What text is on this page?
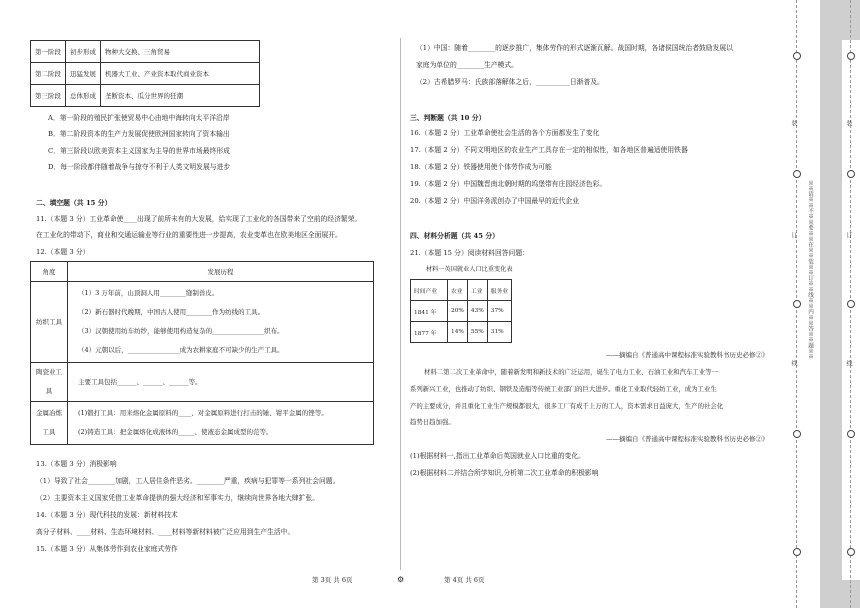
第一阶段	初步形成	物种大交换、三角贸易
第二阶段	迅猛发展	机器大工业、产业资本取代商业资本
第三阶段	总体形成	垄断资本、瓜分世界的狂潮
A．第一阶段的殖民扩张使贸易中心由地中海转向太平洋沿岸
B．第二阶段资本的生产力发展促使欧洲国家转向了资本输出
C．第三阶段以欧美资本主义国家为主导的世界市场最终形成
D．每一阶段都伴随着战争与掠夺不利于人类文明发展与进步
二、填空题（共 15 分）
11.（本题 3 分）工业革命使____出现了前所未有的大发展，给实现了工业化的各国带来了空前的经济繁荣。
在工业化的带动下，商业和交通运输业等行业的重要性进一步提高，农业变革也在欧美地区全面展开。
12.（本题 3 分）
角度	发展历程
纺织工具	（1）3 万年前，山顶洞人用________缝制兽皮。
（2）新石器时代晚期，中国古人使用________作为纺线的工具。
（3）汉朝使用纺车纺纱，能够使用构造复杂的________________织布。
（4）元朝以后，________________成为农耕家庭不可缺少的生产工具。

陶瓷业工具	主要工具包括______、______、______等。

金属冶炼工具	(1)锻打工具：用来熔化金属原料的____、对金属原料进行打击的锤、钳平金属的锉等。
(2)铸造工具：把金属熔化成液体的_____、使液态金属成型的范等。
13.（本题 3 分）消极影响
（1）导致了社会________加剧，工人居住条件恶劣。________严重，疾病与犯罪等一系列社会问题。
（2）主要资本主义国家凭借工业革命提供的强大经济和军事实力，继续向世界各地大肆扩张。
14.（本题 3 分）现代科技的发展：新材料技术
高分子材料、____材料、生态环境材料、____材料等新材料被广泛应用到生产生活中。
15.（本题 3 分）从集体劳作到农业家庭式劳作
第 3页 共 6页	⚙
（1）中国：随着________的逐步推广，集体劳作的形式逐渐瓦解。战国时期，各诸侯国统治者鼓励发展以
家庭为单位的________生产模式。
（2）古希腊罗马：氏族部落解体之后，__________日渐普及。
三、判断题（共 10 分）
16.（本题 2 分）工业革命使社会生活的各个方面都发生了变化
17.（本题 2 分）不同文明地区的农业生产工具存在一定的相似性，如各地区普遍适使用铁器
18.（本题 2 分）铁器使用使个体劳作成为可能
19.（本题 2 分）中国魏晋南北朝时期的坞堡带有庄园经济色彩。
20.（本题 2 分）中国洋务派创办了中国最早的近代企业
四、材料分析题（共 45 分）
21.（本题 15 分）阅读材料回答问题：
材料一英国就业人口比重变化表
时间产业	农业	工业	服务业
1841 年	20%	43%	37%
1877 年	14%	55%	31%
——摘编自《普通高中课程标准实验教科书历史必修②》
材料二第二次工业革命中，随着新发明和新技术的广泛运用，诞生了电力工业、石油工业和汽车工业等一
系列新兴工业，也推动了纺织、钢铁及造船等传统工业部门的巨大进步。重化工业取代轻纺工业，成为工业生
产的主要成分，并且重化工业生产规模都很大，很多工厂有成千上万的工人，资本需求日益庞大，生产的社会化
趋势日趋加强。
——摘编自《普通高中课程标准实验教科书历史必修②》
(1)根据材料一,指出工业革命后英国就业人口比重的变化。
(2)根据材料二并结合所学知识,分析第二次工业革命的积极影响
第 4页 共 6页
※※请※※不※※要※※在※※装※※订※※线※※内※※答※※题※※
装
订
线
装
订
线
